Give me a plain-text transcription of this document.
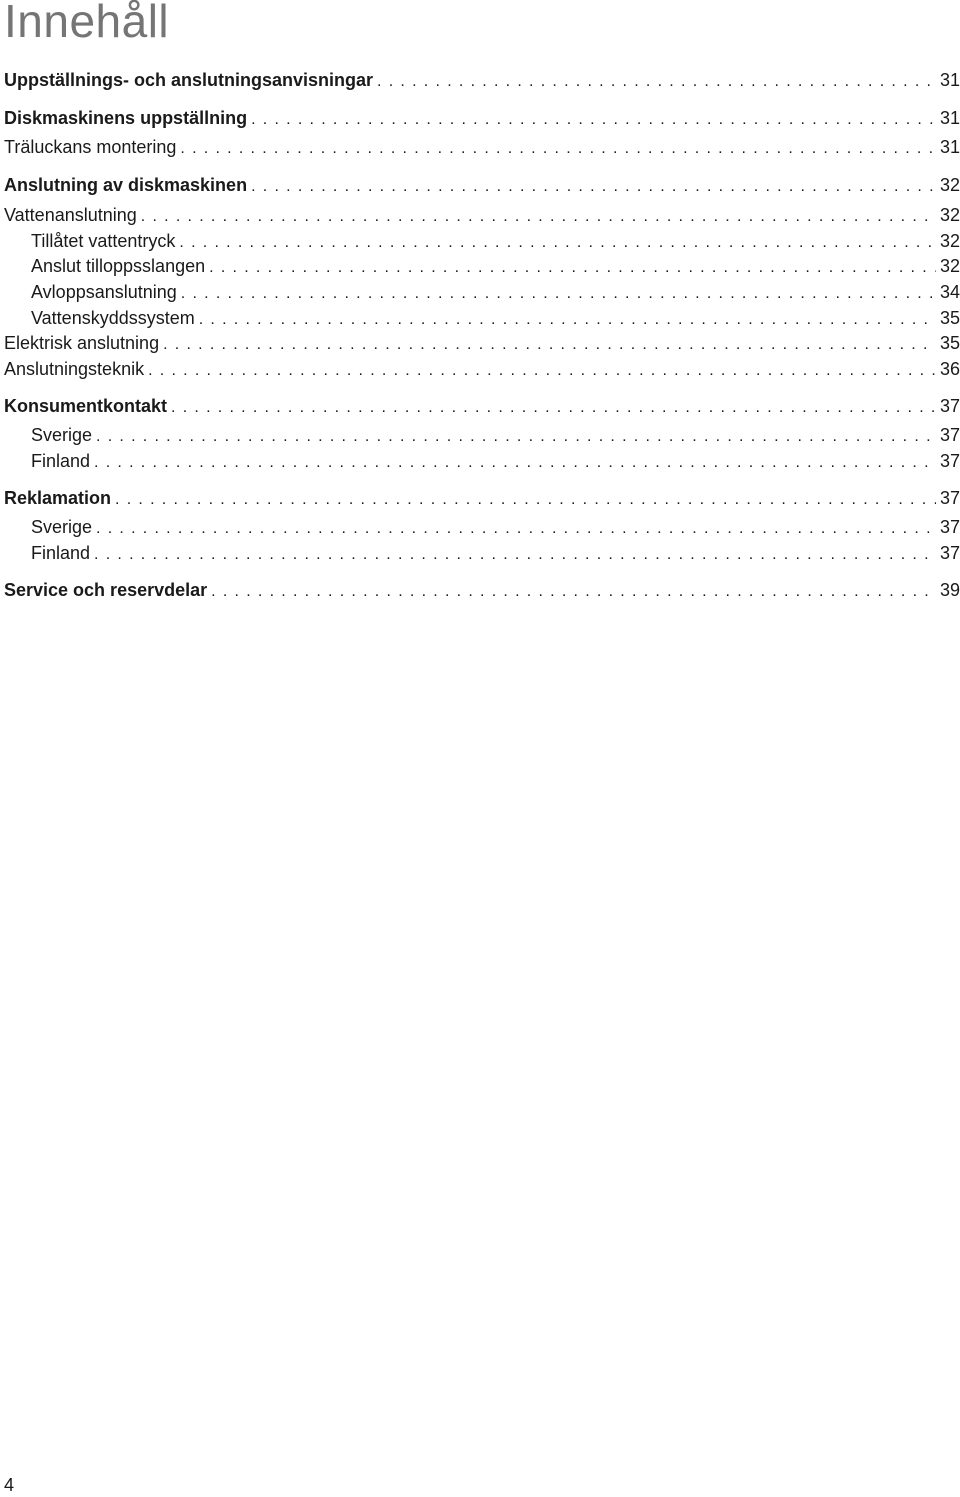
Innehåll
Uppställnings- och anslutningsanvisningar . . .	31
Diskmaskinens uppställning . . .	31
Träluckans montering . . .	31
Anslutning av diskmaskinen . . .	32
Vattenanslutning . . .	32
Tillåtet vattentryck . . .	32
Anslut tilloppsslangen . . .	32
Avloppsanslutning . . .	34
Vattenskyddssystem . . .	35
Elektrisk anslutning . . .	35
Anslutningsteknik . . .	36
Konsumentkontakt . . .	37
Sverige . . .	37
Finland . . .	37
Reklamation . . .	37
Sverige . . .	37
Finland . . .	37
Service och reservdelar . . .	39
4
